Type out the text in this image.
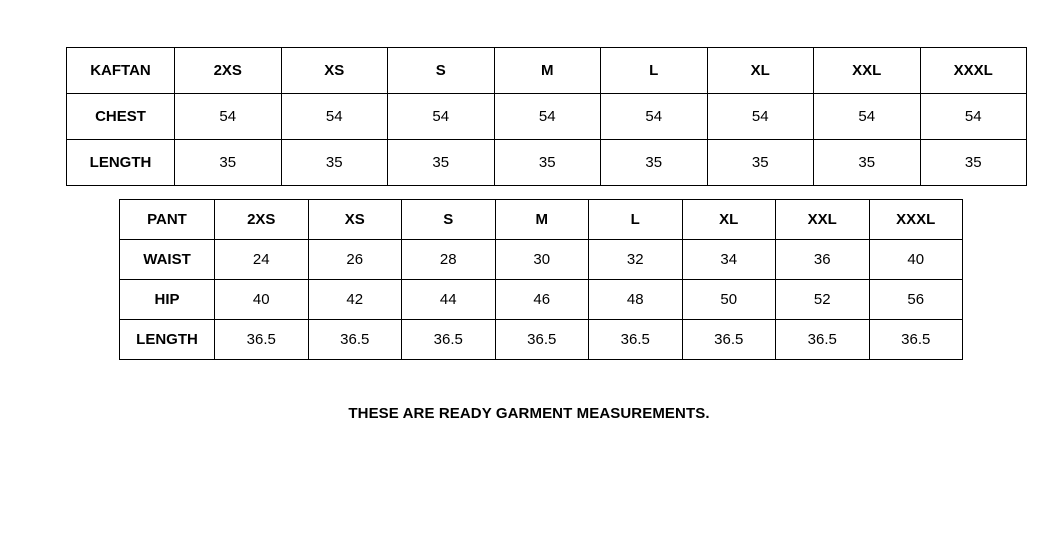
KAFTAN	2XS	XS	S	M	L	XL	XXL	XXXL
CHEST	54	54	54	54	54	54	54	54
LENGTH	35	35	35	35	35	35	35	35
PANT	2XS	XS	S	M	L	XL	XXL	XXXL
WAIST	24	26	28	30	32	34	36	40
HIP	40	42	44	46	48	50	52	56
LENGTH	36.5	36.5	36.5	36.5	36.5	36.5	36.5	36.5
THESE ARE READY GARMENT MEASUREMENTS.
